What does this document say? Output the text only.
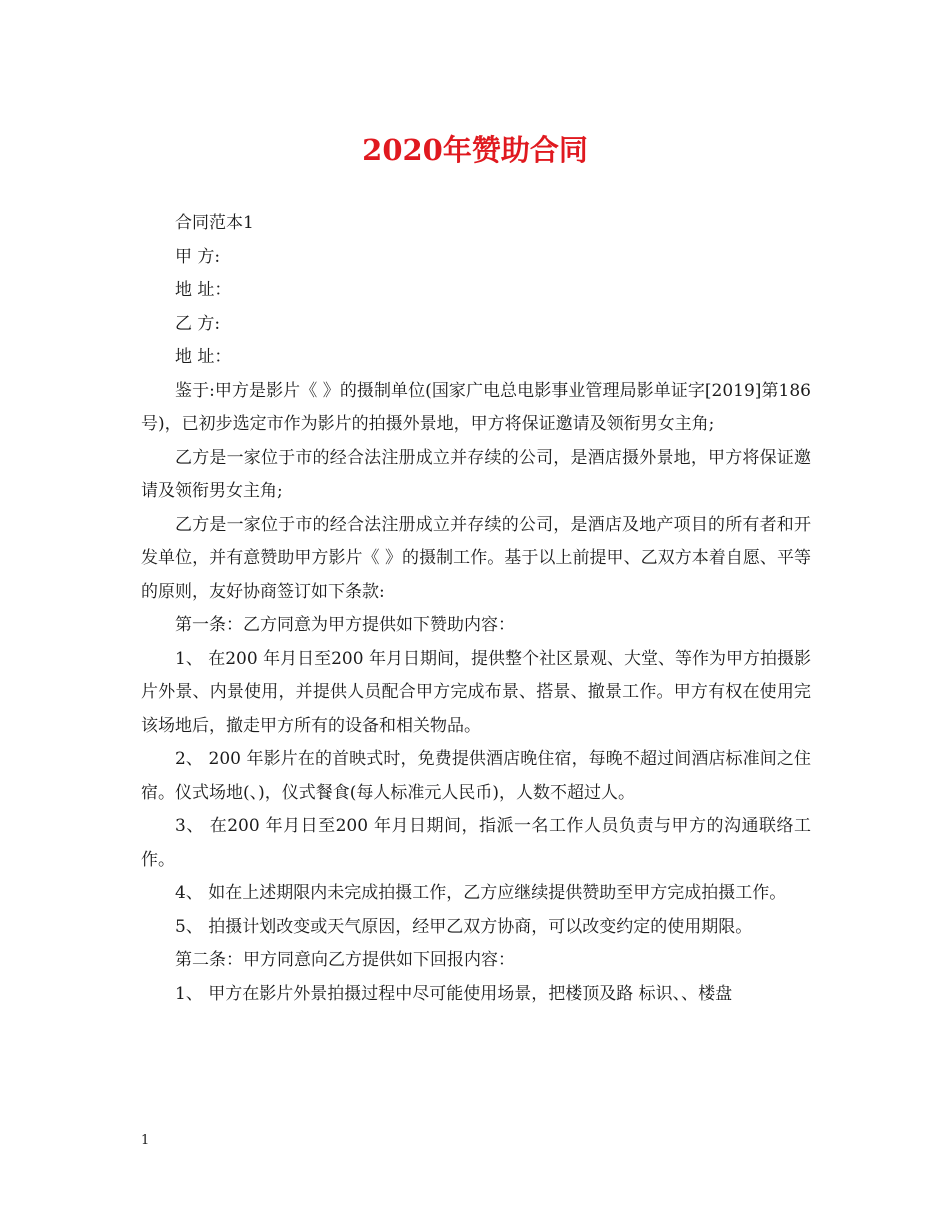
2020年赞助合同

合同范本1

甲 方:

地 址：

乙 方:

地 址：

鉴于:甲方是影片《 》的摄制单位(国家广电总电影事业管理局影单证字[2019]第186号)，已初步选定市作为影片的拍摄外景地，甲方将保证邀请及领衔男女主角;

乙方是一家位于市的经合法注册成立并存续的公司，是酒店摄外景地，甲方将保证邀请及领衔男女主角;

乙方是一家位于市的经合法注册成立并存续的公司，是酒店及地产项目的所有者和开发单位，并有意赞助甲方影片《 》的摄制工作。基于以上前提甲、乙双方本着自愿、平等的原则，友好协商签订如下条款:

第一条：乙方同意为甲方提供如下赞助内容：

1、 在200 年月日至200 年月日期间，提供整个社区景观、大堂、等作为甲方拍摄影片外景、内景使用，并提供人员配合甲方完成布景、搭景、撤景工作。甲方有权在使用完该场地后，撤走甲方所有的设备和相关物品。

2、 200 年影片在的首映式时，免费提供酒店晚住宿，每晚不超过间酒店标准间之住宿。仪式场地(、)，仪式餐食(每人标准元人民币)，人数不超过人。

3、 在200 年月日至200 年月日期间，指派一名工作人员负责与甲方的沟通联络工作。

4、 如在上述期限内未完成拍摄工作，乙方应继续提供赞助至甲方完成拍摄工作。

5、 拍摄计划改变或天气原因，经甲乙双方协商，可以改变约定的使用期限。

第二条：甲方同意向乙方提供如下回报内容：

1、 甲方在影片外景拍摄过程中尽可能使用场景，把楼顶及路 标识、、楼盘

1
